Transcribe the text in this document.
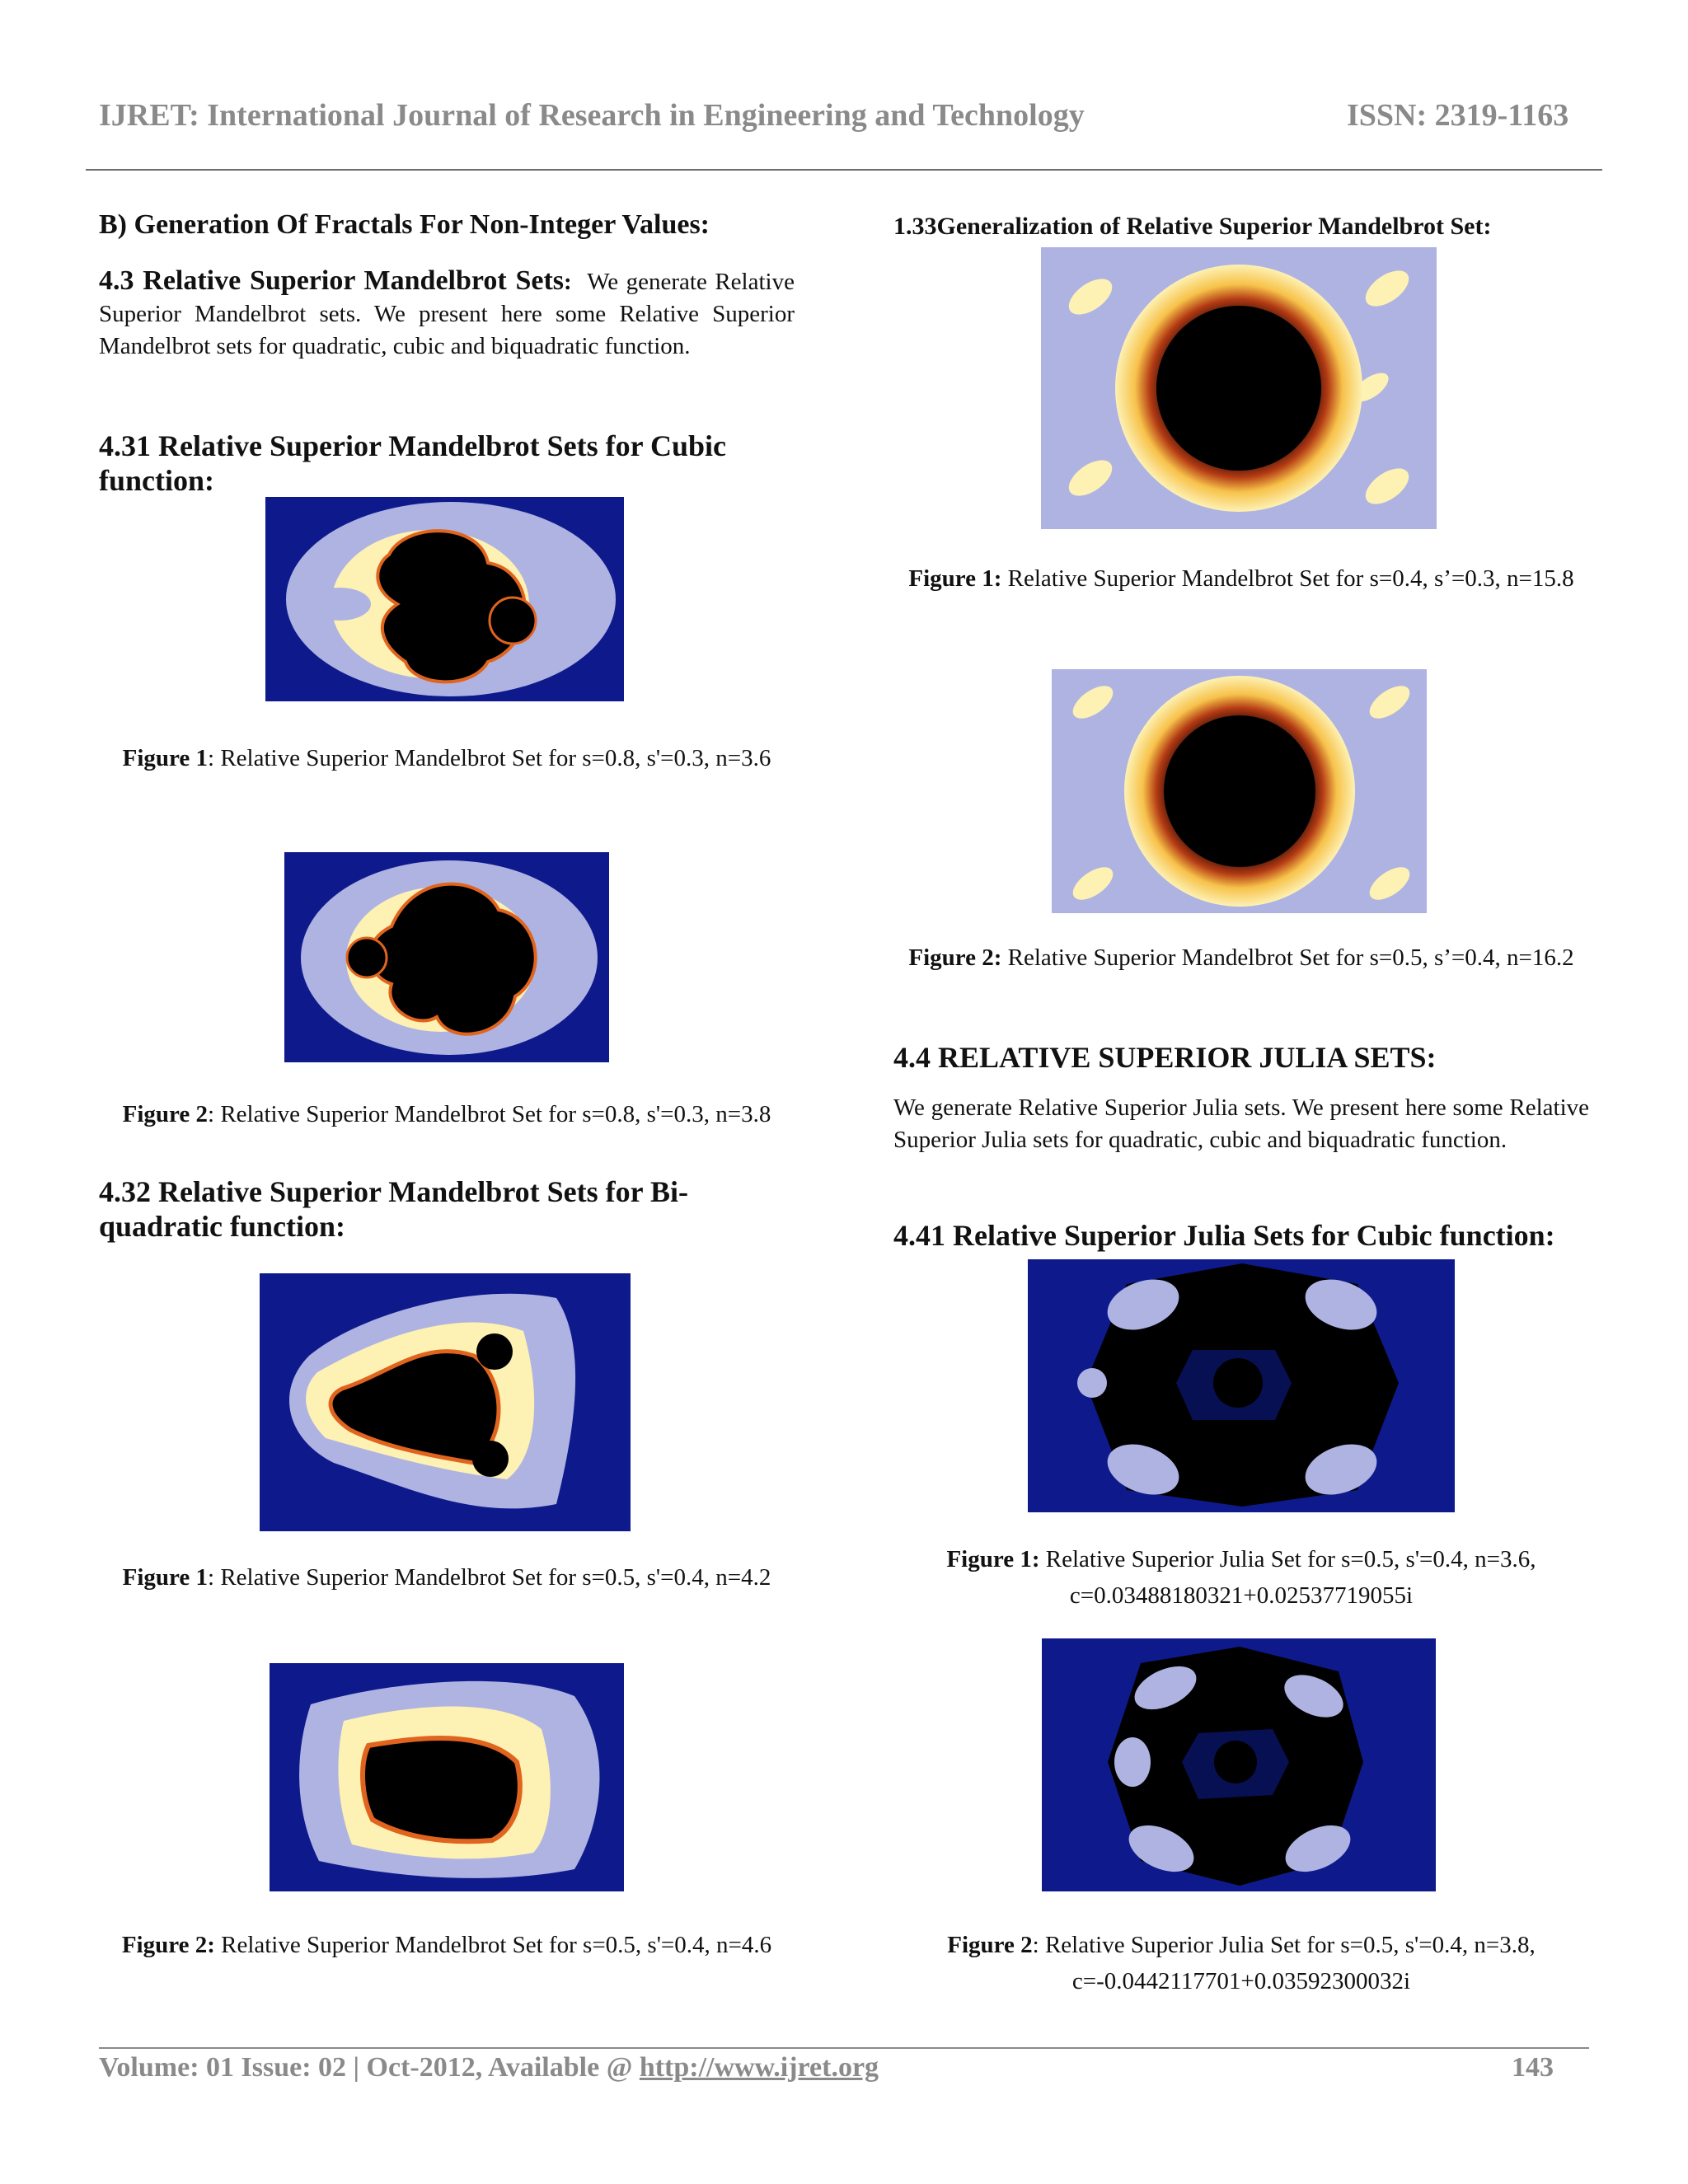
IJRET: International Journal of Research in Engineering and Technology	ISSN: 2319-1163
B) Generation Of Fractals For Non-Integer Values:
4.3 Relative Superior Mandelbrot Sets: We generate Relative Superior Mandelbrot sets. We present here some Relative Superior Mandelbrot sets for quadratic, cubic and biquadratic function.
4.31 Relative Superior Mandelbrot Sets for Cubic function:
Figure 1: Relative Superior Mandelbrot Set for s=0.8, s'=0.3, n=3.6
Figure 2: Relative Superior Mandelbrot Set for s=0.8, s'=0.3, n=3.8
4.32 Relative Superior Mandelbrot Sets for Bi-quadratic function:
Figure 1: Relative Superior Mandelbrot Set for s=0.5, s'=0.4, n=4.2
Figure 2: Relative Superior Mandelbrot Set for s=0.5, s'=0.4, n=4.6
1.33Generalization of Relative Superior Mandelbrot Set:
Figure 1: Relative Superior Mandelbrot Set for s=0.4, s’=0.3, n=15.8
Figure 2: Relative Superior Mandelbrot Set for s=0.5, s’=0.4, n=16.2
4.4 RELATIVE SUPERIOR JULIA SETS:
We generate Relative Superior Julia sets. We present here some Relative Superior Julia sets for quadratic, cubic and biquadratic function.
4.41 Relative Superior Julia Sets for Cubic function:
Figure 1: Relative Superior Julia Set for s=0.5, s'=0.4, n=3.6, c=0.03488180321+0.02537719055i
Figure 2: Relative Superior Julia Set for s=0.5, s'=0.4, n=3.8, c=-0.0442117701+0.03592300032i
Volume: 01 Issue: 02 | Oct-2012, Available @ http://www.ijret.org	143
